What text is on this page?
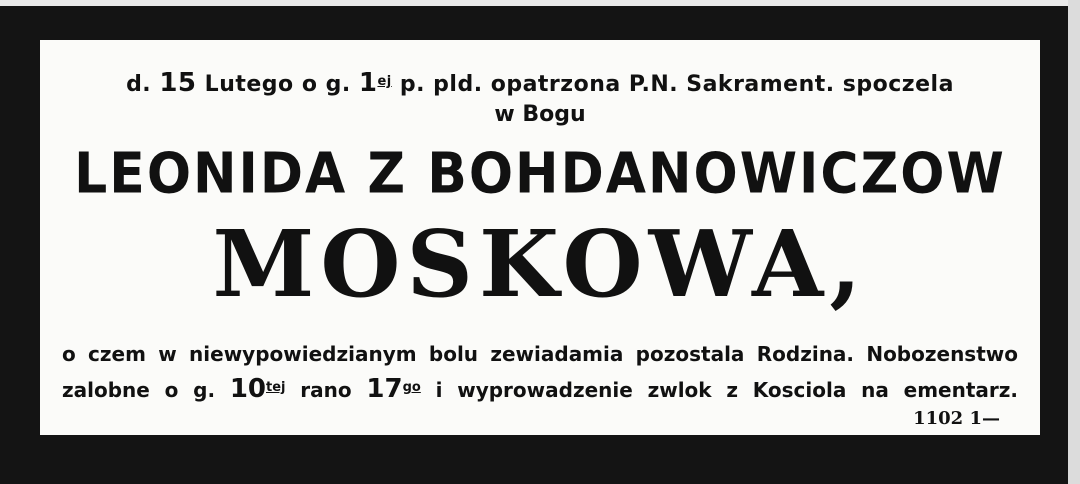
d. 15 Lutego o g. $1^{ej}$ p. pld. opatrzona P.N. Sakrament. spoczela
w Bogu
LEONIDA Z BOHDANOWICZOW
MOSKOWA,
o czem w niewypowiedzianym bolu zewiadamia pozostala Rodzina. Nobozenstwo
zalobne o g. $10^{tej}$ rano $17^{go}$ i wyprowadzenie zwlok z Kosciola na ementarz.
1102 1—
